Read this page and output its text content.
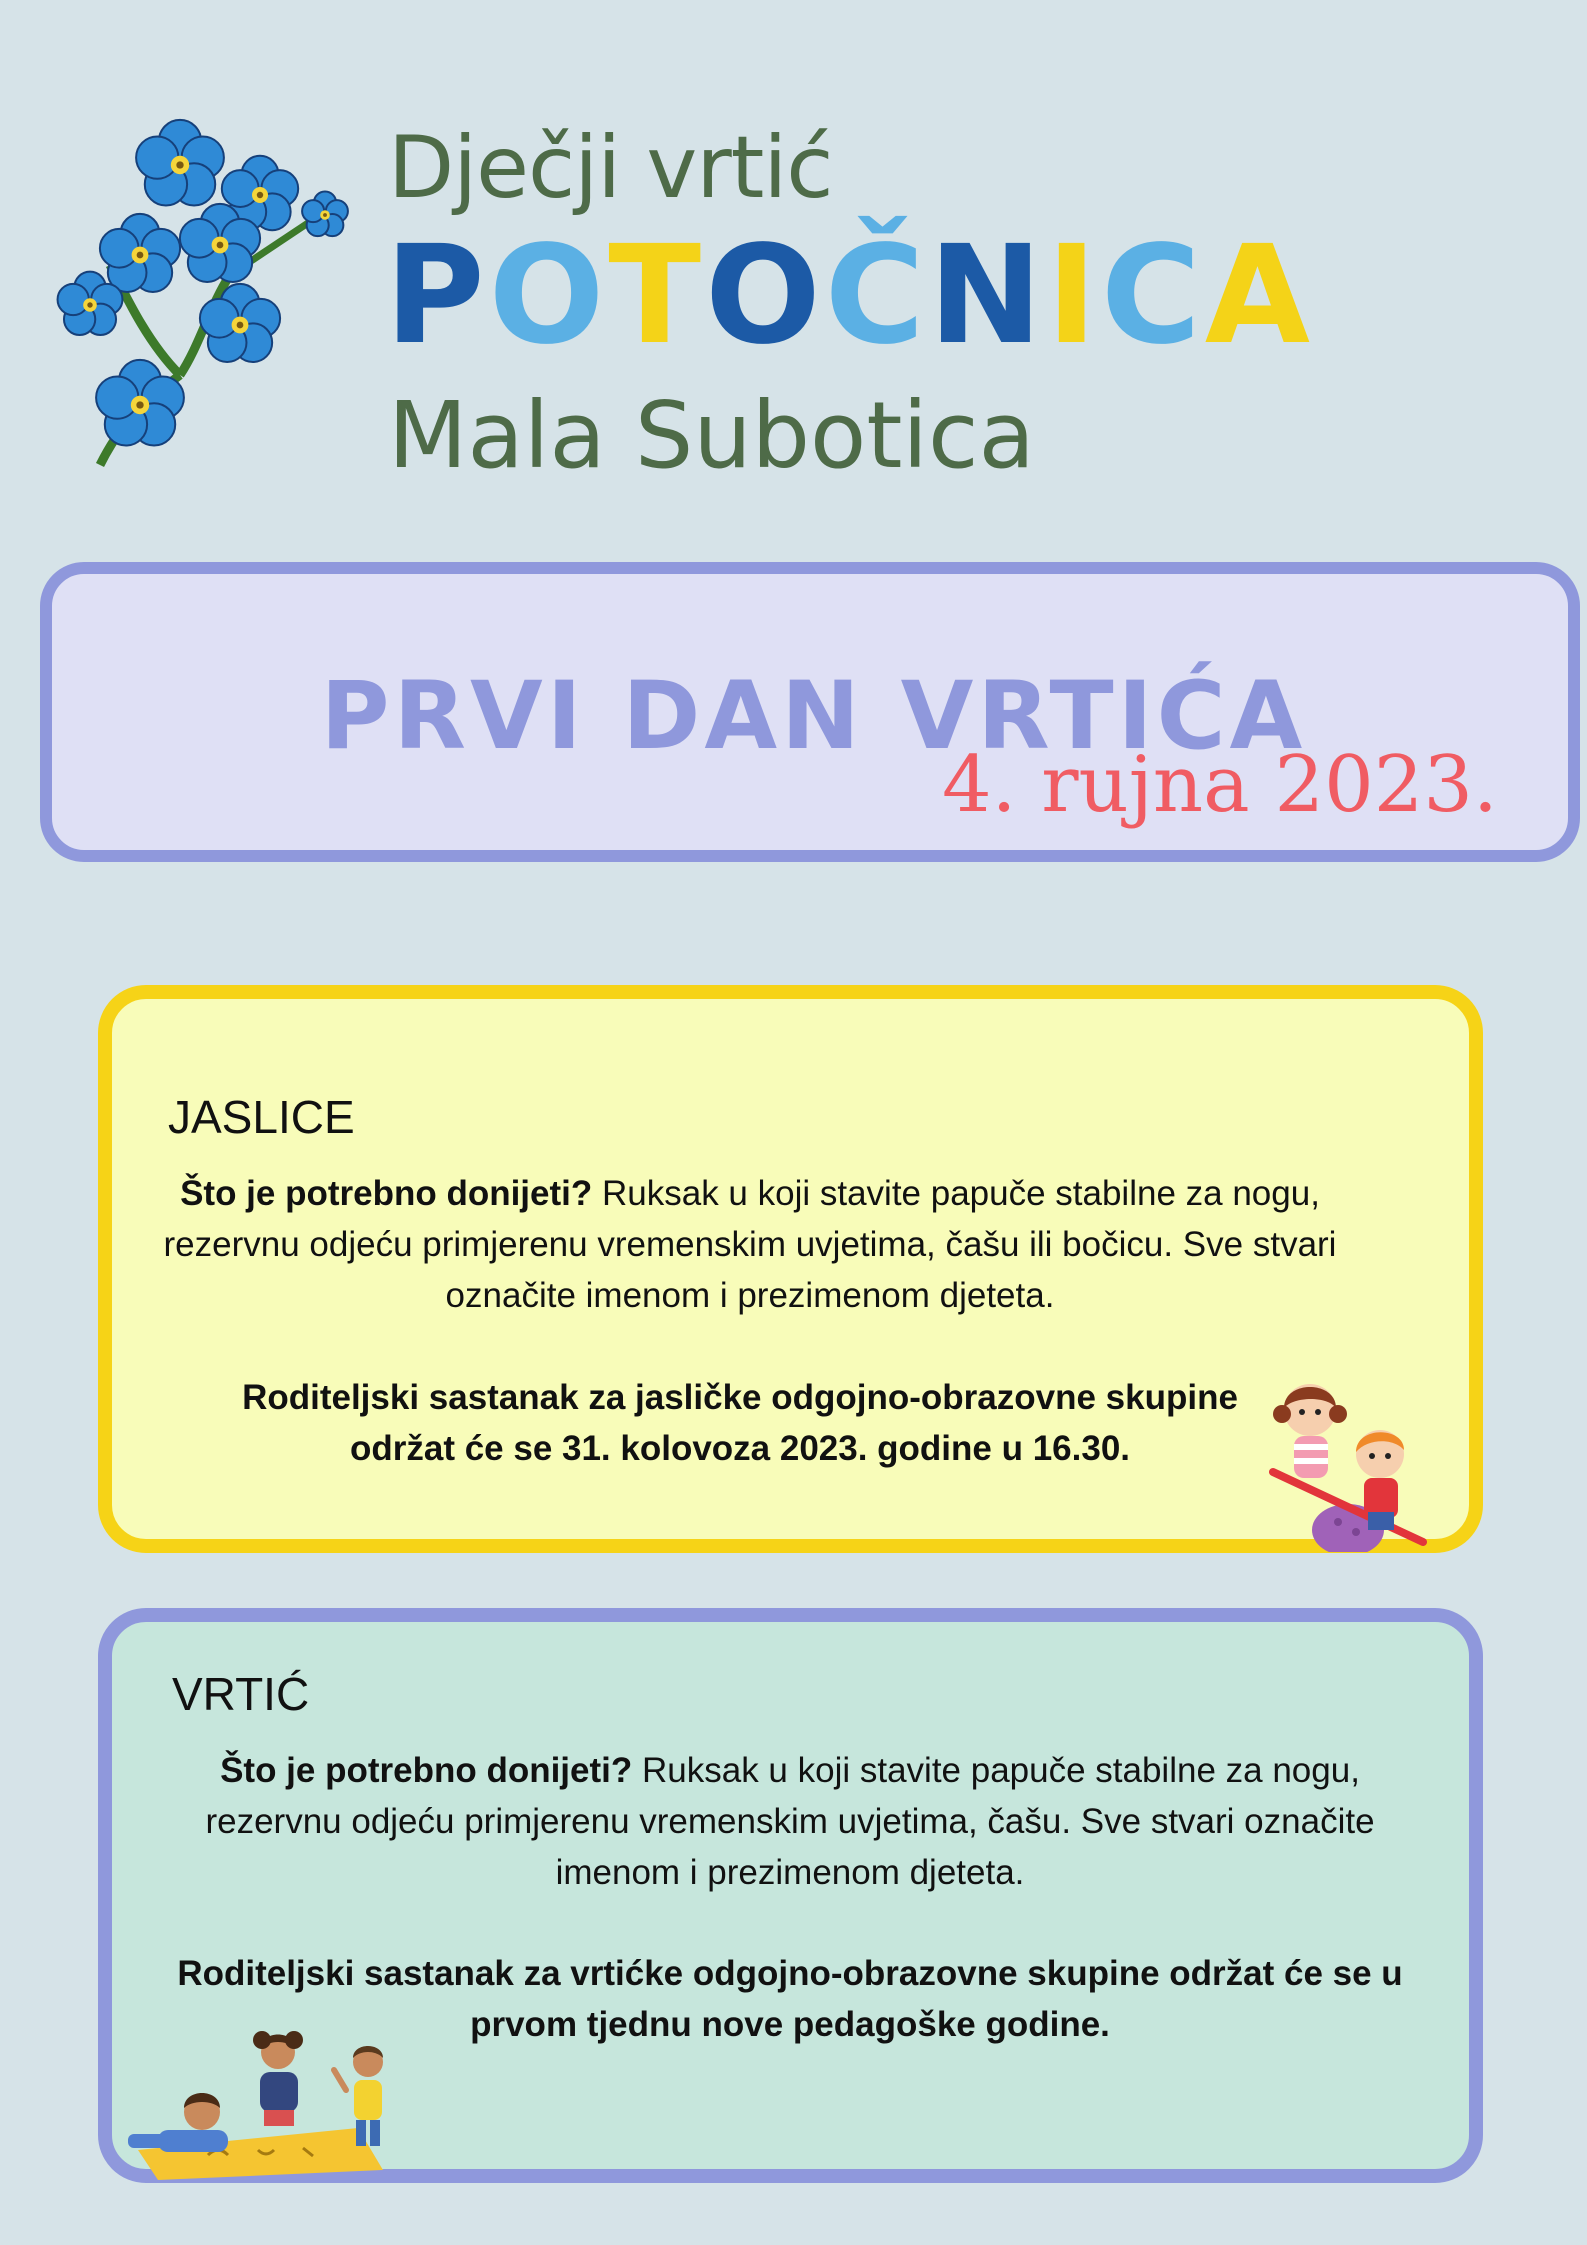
Dječji vrtić
POTOČNICA
Mala Subotica
PRVI DAN VRTIĆA
4. rujna 2023.
JASLICE
Što je potrebno donijeti? Ruksak u koji stavite papuče stabilne za nogu, rezervnu odjeću primjerenu vremenskim uvjetima, čašu ili bočicu. Sve stvari označite imenom i prezimenom djeteta.
Roditeljski sastanak za jasličke odgojno-obrazovne skupine održat će se 31. kolovoza 2023. godine u 16.30.
VRTIĆ
Što je potrebno donijeti? Ruksak u koji stavite papuče stabilne za nogu, rezervnu odjeću primjerenu vremenskim uvjetima, čašu. Sve stvari označite imenom i prezimenom djeteta.
Roditeljski sastanak za vrtićke odgojno-obrazovne skupine održat će se u prvom tjednu nove pedagoške godine.
